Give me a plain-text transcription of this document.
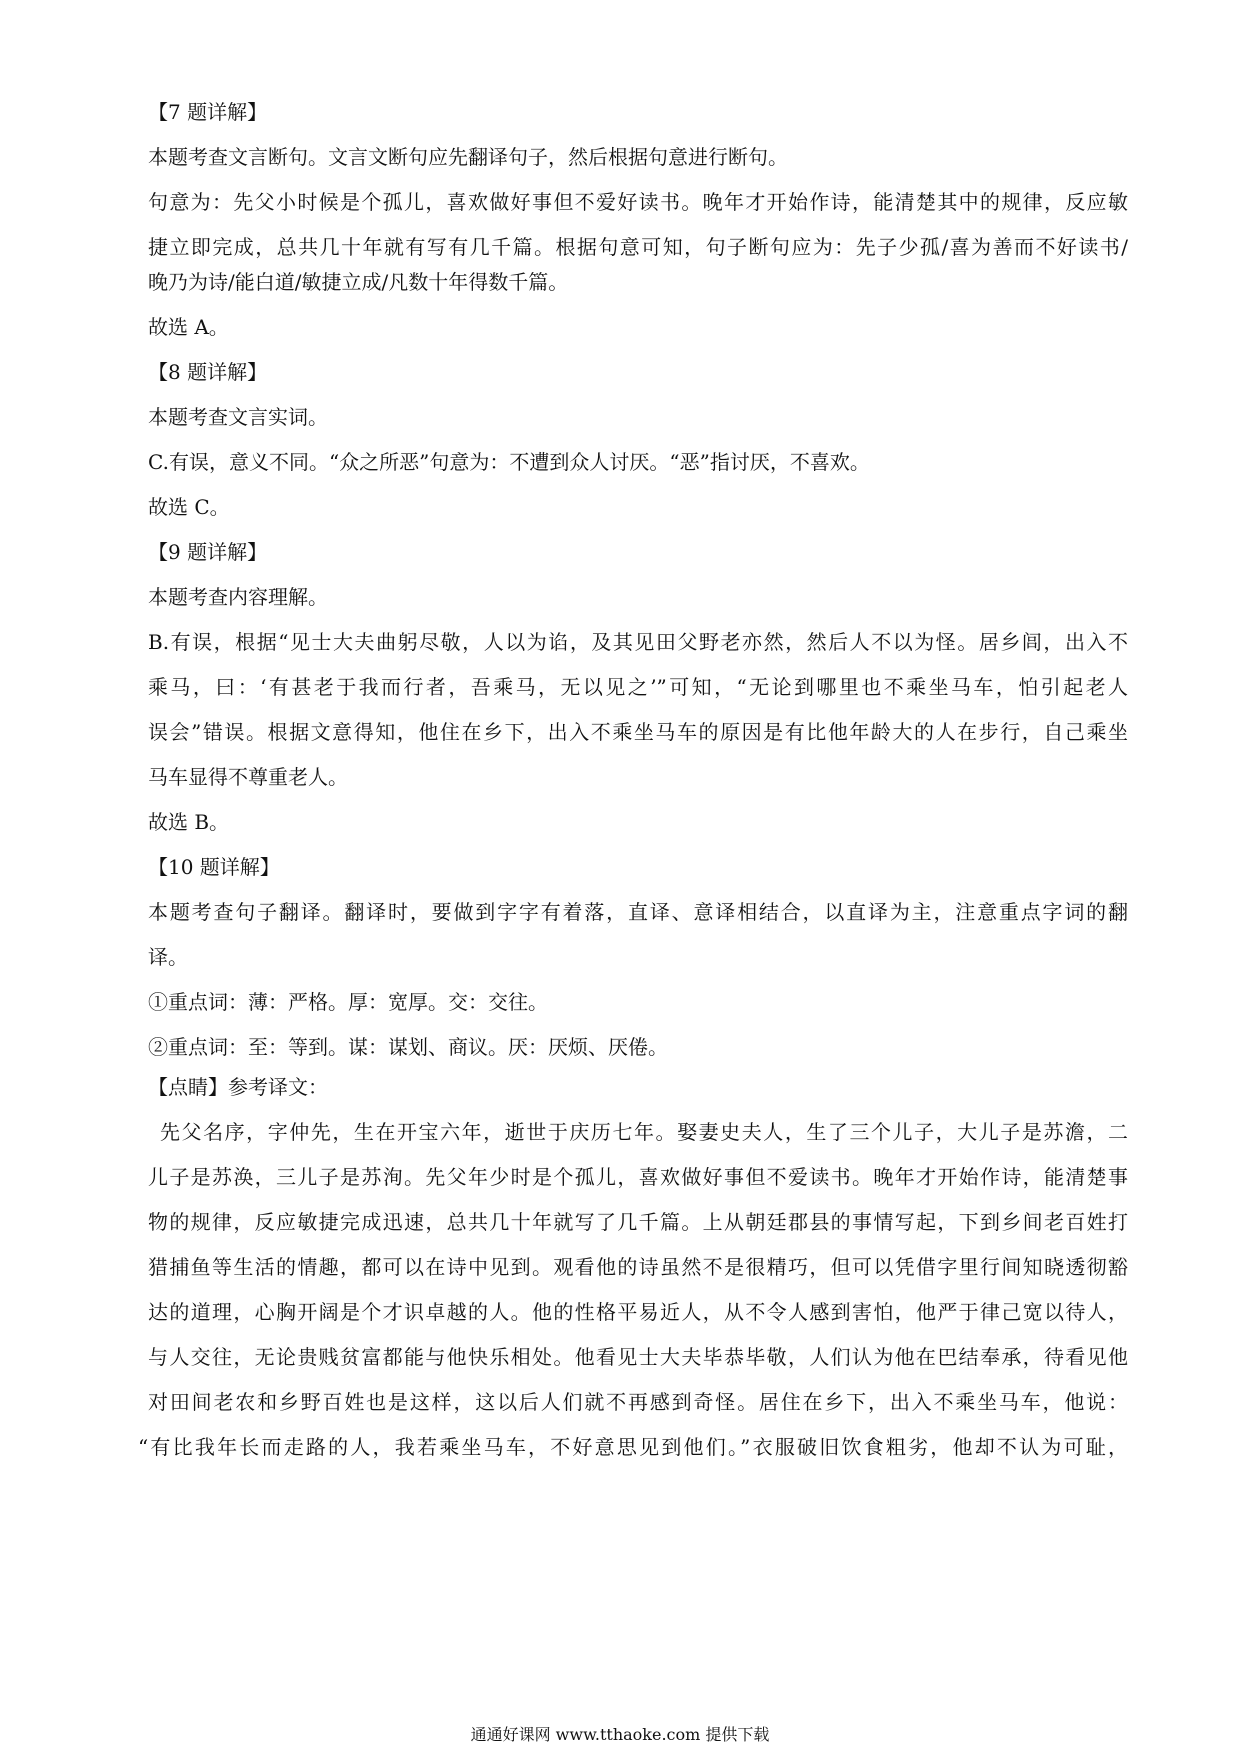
【7 题详解】
本题考查文言断句。文言文断句应先翻译句子，然后根据句意进行断句。
句意为：先父小时候是个孤儿，喜欢做好事但不爱好读书。晚年才开始作诗，能清楚其中的规律，反应敏
捷立即完成，总共几十年就有写有几千篇。根据句意可知，句子断句应为：先子少孤/喜为善而不好读书/
晚乃为诗/能白道/敏捷立成/凡数十年得数千篇。
故选 A。
【8 题详解】
本题考查文言实词。
C.有误，意义不同。“众之所恶”句意为：不遭到众人讨厌。“恶”指讨厌，不喜欢。
故选 C。
【9 题详解】
本题考查内容理解。
B.有误，根据“见士大夫曲躬尽敬，人以为谄，及其见田父野老亦然，然后人不以为怪。居乡闾，出入不
乘马，曰：‘有甚老于我而行者，吾乘马，无以见之’”可知，“无论到哪里也不乘坐马车，怕引起老人
误会”错误。根据文意得知，他住在乡下，出入不乘坐马车的原因是有比他年龄大的人在步行，自己乘坐
马车显得不尊重老人。
故选 B。
【10 题详解】
本题考查句子翻译。翻译时，要做到字字有着落，直译、意译相结合，以直译为主，注意重点字词的翻
译。
①重点词：薄：严格。厚：宽厚。交：交往。
②重点词：至：等到。谋：谋划、商议。厌：厌烦、厌倦。
【点睛】参考译文：
先父名序，字仲先，生在开宝六年，逝世于庆历七年。娶妻史夫人，生了三个儿子，大儿子是苏澹，二
儿子是苏涣，三儿子是苏洵。先父年少时是个孤儿，喜欢做好事但不爱读书。晚年才开始作诗，能清楚事
物的规律，反应敏捷完成迅速，总共几十年就写了几千篇。上从朝廷郡县的事情写起，下到乡间老百姓打
猎捕鱼等生活的情趣，都可以在诗中见到。观看他的诗虽然不是很精巧，但可以凭借字里行间知晓透彻豁
达的道理，心胸开阔是个才识卓越的人。他的性格平易近人，从不令人感到害怕，他严于律己宽以待人，
与人交往，无论贵贱贫富都能与他快乐相处。他看见士大夫毕恭毕敬，人们认为他在巴结奉承，待看见他
对田间老农和乡野百姓也是这样，这以后人们就不再感到奇怪。居住在乡下，出入不乘坐马车，他说：
“有比我年长而走路的人，我若乘坐马车，不好意思见到他们。”衣服破旧饮食粗劣，他却不认为可耻，
通通好课网 www.tthaoke.com 提供下载
